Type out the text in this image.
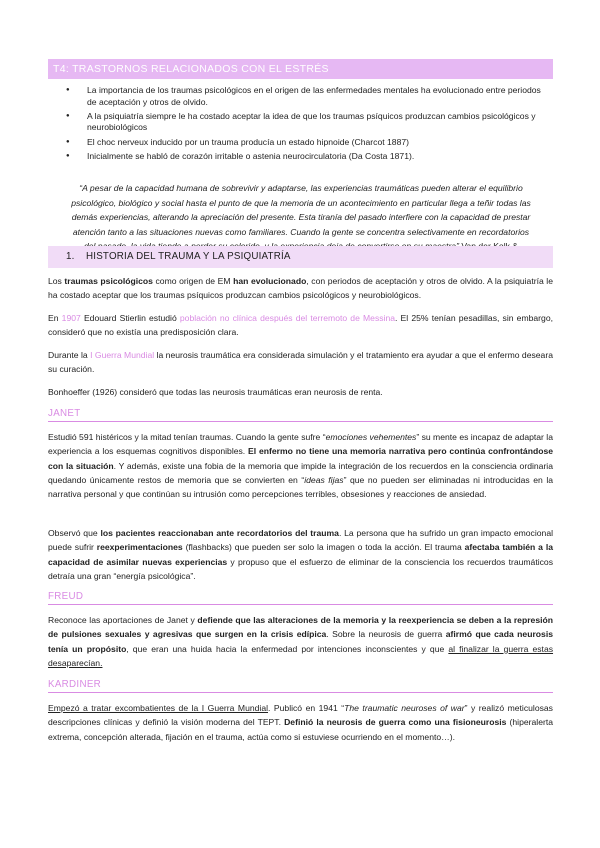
T4: TRASTORNOS RELACIONADOS CON EL ESTRÉS
● La importancia de los traumas psicológicos en el origen de las enfermedades mentales ha evolucionado entre periodos de aceptación y otros de olvido.
● A la psiquiatría siempre le ha costado aceptar la idea de que los traumas psíquicos produzcan cambios psicológicos y neurobiológicos
● El choc nerveux inducido por un trauma producía un estado hipnoide (Charcot 1887)
● Inicialmente se habló de corazón irritable o astenia neurocirculatoria (Da Costa 1871).
“A pesar de la capacidad humana de sobrevivir y adaptarse, las experiencias traumáticas pueden alterar el equilibrio psicológico, biológico y social hasta el punto de que la memoria de un acontecimiento en particular llega a teñir todas las demás experiencias, alterando la apreciación del presente. Esta tiranía del pasado interfiere con la capacidad de prestar atención tanto a las situaciones nuevas como familiares. Cuando la gente se concentra selectivamente en recordatorios
1. HISTORIA DEL TRAUMA Y LA PSIQUIATRÍA
Los traumas psicológicos como origen de EM han evolucionado, con periodos de aceptación y otros de olvido. A la psiquiatría le ha costado aceptar que los traumas psíquicos produzcan cambios psicológicos y neurobiológicos.
En 1907 Edouard Stierlin estudió población no clínica después del terremoto de Messina. El 25% tenían pesadillas, sin embargo, consideró que no existía una predisposición clara.
Durante la I Guerra Mundial la neurosis traumática era considerada simulación y el tratamiento era ayudar a que el enfermo deseara su curación.
Bonhoeffer (1926) consideró que todas las neurosis traumáticas eran neurosis de renta.
JANET
Estudió 591 histéricos y la mitad tenían traumas. Cuando la gente sufre “emociones vehementes” su mente es incapaz de adaptar la experiencia a los esquemas cognitivos disponibles. El enfermo no tiene una memoria narrativa pero continúa confrontándose con la situación. Y además, existe una fobia de la memoria que impide la integración de los recuerdos en la consciencia ordinaria quedando únicamente restos de memoria que se convierten en “ideas fijas” que no pueden ser eliminadas ni introducidas en la narrativa personal y que continúan su intrusión como percepciones terribles, obsesiones y reacciones de ansiedad.
Observó que los pacientes reaccionaban ante recordatorios del trauma. La persona que ha sufrido un gran impacto emocional puede sufrir reexperimentaciones (flashbacks) que pueden ser solo la imagen o toda la acción. El trauma afectaba también a la capacidad de asimilar nuevas experiencias y propuso que el esfuerzo de eliminar de la consciencia los recuerdos traumáticos detraía una gran “energía psicológica”.
FREUD
Reconoce las aportaciones de Janet y defiende que las alteraciones de la memoria y la reexperiencia se deben a la represión de pulsiones sexuales y agresivas que surgen en la crisis edípica. Sobre la neurosis de guerra afirmó que cada neurosis tenía un propósito, que eran una huida hacia la enfermedad por intenciones inconscientes y que al finalizar la guerra estas desaparecían.
KARDINER
Empezó a tratar excombatientes de la I Guerra Mundial. Publicó en 1941 “The traumatic neuroses of war” y realizó meticulosas descripciones clínicas y definió la visión moderna del TEPT. Definió la neurosis de guerra como una fisioneurosis (hiperalerta extrema, concepción alterada, fijación en el trauma, actúa como si estuviese ocurriendo en el momento…).
